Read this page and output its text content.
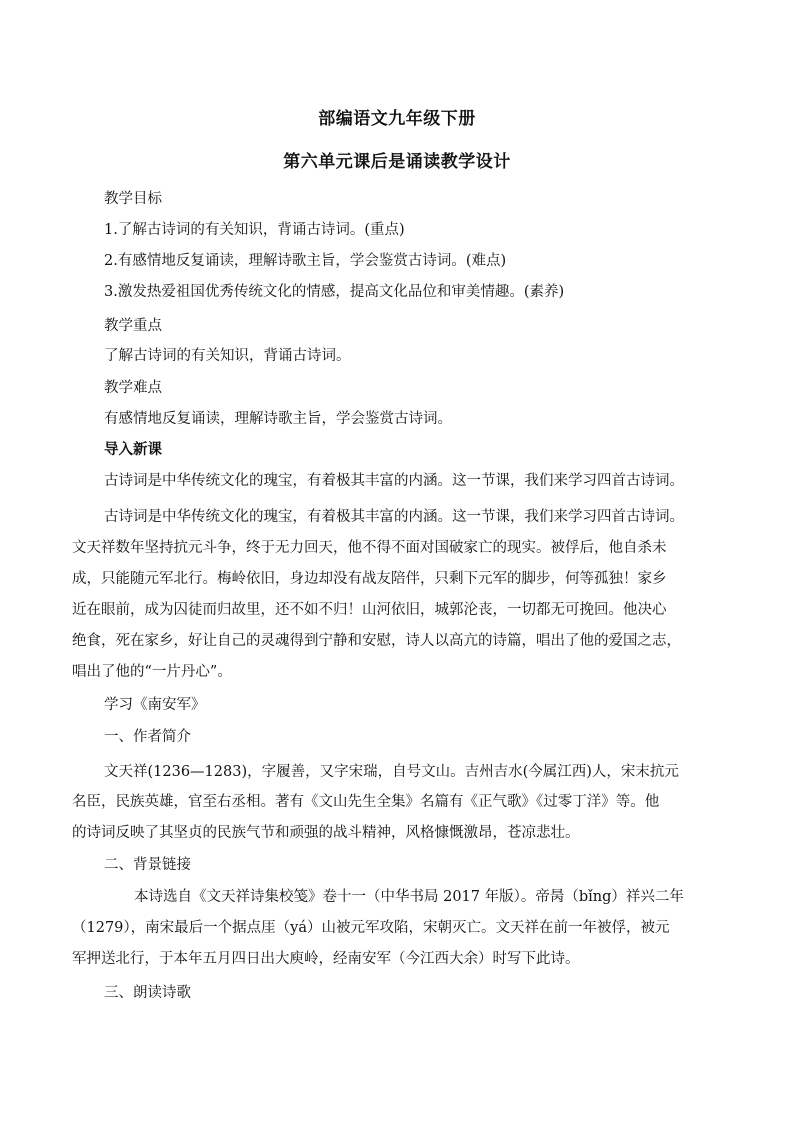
部编语文九年级下册
第六单元课后是诵读教学设计
教学目标
1.了解古诗词的有关知识，背诵古诗词。(重点)
2.有感情地反复诵读，理解诗歌主旨，学会鉴赏古诗词。(难点)
3.激发热爱祖国优秀传统文化的情感，提高文化品位和审美情趣。(素养)
教学重点
了解古诗词的有关知识，背诵古诗词。
教学难点
有感情地反复诵读，理解诗歌主旨，学会鉴赏古诗词。
导入新课
古诗词是中华传统文化的瑰宝，有着极其丰富的内涵。这一节课，我们来学习四首古诗词。
古诗词是中华传统文化的瑰宝，有着极其丰富的内涵。这一节课，我们来学习四首古诗词。
文天祥数年坚持抗元斗争，终于无力回天，他不得不面对国破家亡的现实。被俘后，他自杀未
成，只能随元军北行。梅岭依旧，身边却没有战友陪伴，只剩下元军的脚步，何等孤独！家乡
近在眼前，成为囚徒而归故里，还不如不归！山河依旧，城郭沦丧，一切都无可挽回。他决心
绝食，死在家乡，好让自己的灵魂得到宁静和安慰，诗人以高亢的诗篇，唱出了他的爱国之志，
唱出了他的“一片丹心”。
学习《南安军》
一、作者简介
文天祥(1236—1283)，字履善，又字宋瑞，自号文山。吉州吉水(今属江西)人，宋末抗元
名臣，民族英雄，官至右丞相。著有《文山先生全集》名篇有《正气歌》《过零丁洋》等。他
的诗词反映了其坚贞的民族气节和顽强的战斗精神，风格慷慨激昂，苍凉悲壮。
二、背景链接
本诗选自《文天祥诗集校笺》卷十一（中华书局 2017 年版）。帝昺（bǐng）祥兴二年
（1279），南宋最后一个据点厓（yá）山被元军攻陷，宋朝灭亡。文天祥在前一年被俘，被元
军押送北行，于本年五月四日出大庾岭，经南安军（今江西大余）时写下此诗。
三、朗读诗歌
